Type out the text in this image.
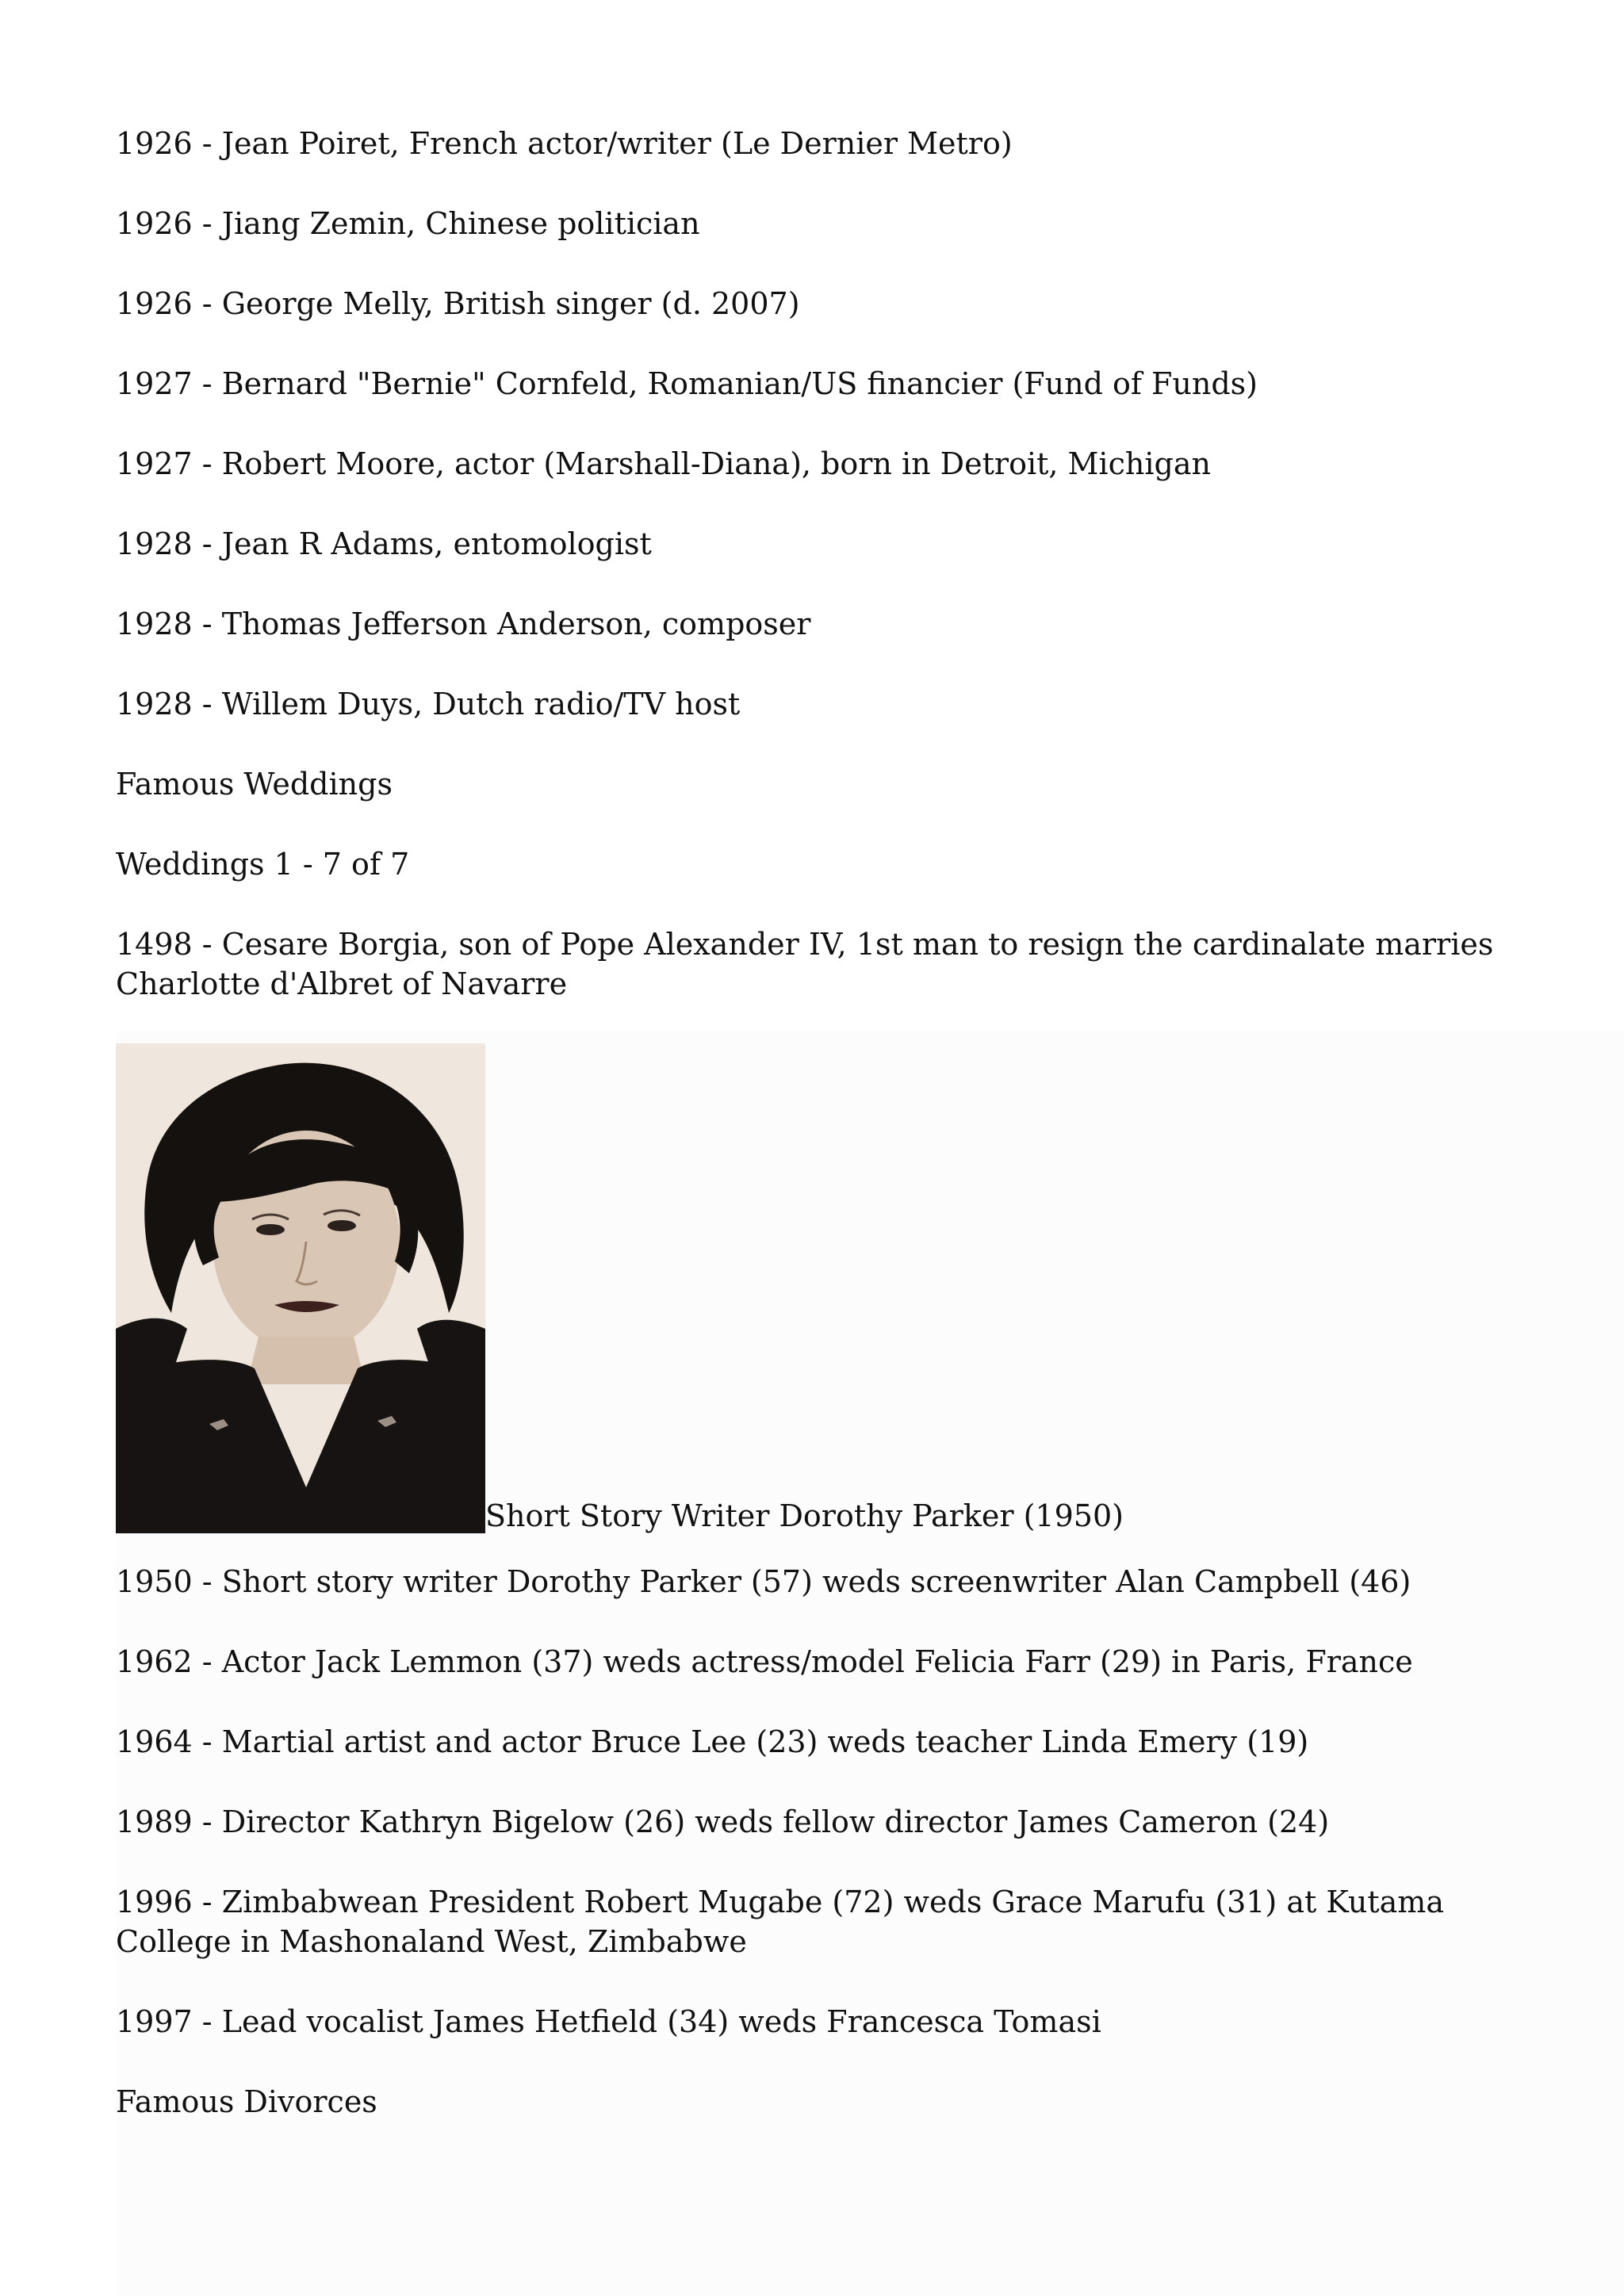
1926 - Jean Poiret, French actor/writer (Le Dernier Metro)

1926 - Jiang Zemin, Chinese politician

1926 - George Melly, British singer (d. 2007)

1927 - Bernard "Bernie" Cornfeld, Romanian/US financier (Fund of Funds)

1927 - Robert Moore, actor (Marshall-Diana), born in Detroit, Michigan

1928 - Jean R Adams, entomologist

1928 - Thomas Jefferson Anderson, composer

1928 - Willem Duys, Dutch radio/TV host

Famous Weddings

Weddings 1 - 7 of 7

1498 - Cesare Borgia, son of Pope Alexander IV, 1st man to resign the cardinalate marries Charlotte d'Albret of Navarre

Short Story Writer Dorothy Parker (1950)

1950 - Short story writer Dorothy Parker (57) weds screenwriter Alan Campbell (46)

1962 - Actor Jack Lemmon (37) weds actress/model Felicia Farr (29) in Paris, France

1964 - Martial artist and actor Bruce Lee (23) weds teacher Linda Emery (19)

1989 - Director Kathryn Bigelow (26) weds fellow director James Cameron (24)

1996 - Zimbabwean President Robert Mugabe (72) weds Grace Marufu (31) at Kutama College in Mashonaland West, Zimbabwe

1997 - Lead vocalist James Hetfield (34) weds Francesca Tomasi

Famous Divorces
